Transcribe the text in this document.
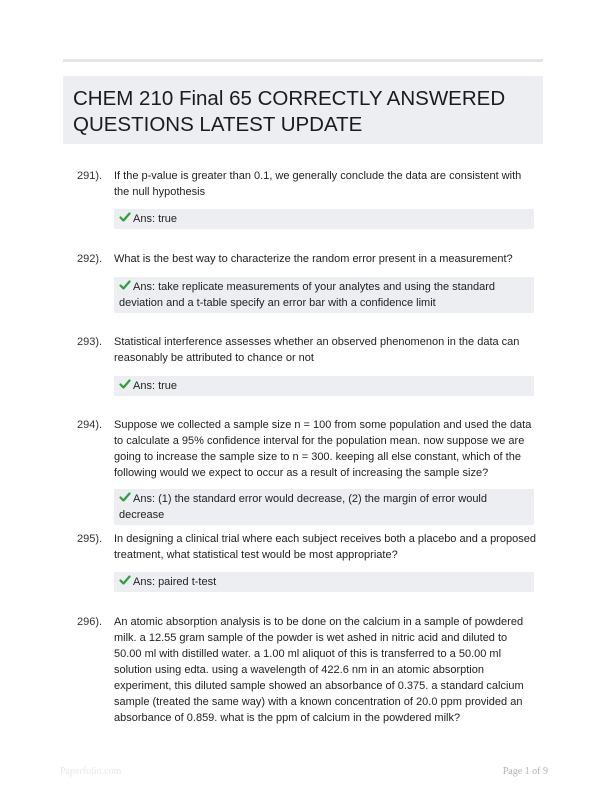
CHEM 210 Final 65 CORRECTLY ANSWERED QUESTIONS LATEST UPDATE
291). If the p-value is greater than 0.1, we generally conclude the data are consistent with the null hypothesis
Ans: true
292). What is the best way to characterize the random error present in a measurement?
Ans: take replicate measurements of your analytes and using the standard deviation and a t-table specify an error bar with a confidence limit
293). Statistical interference assesses whether an observed phenomenon in the data can reasonably be attributed to chance or not
Ans: true
294). Suppose we collected a sample size n = 100 from some population and used the data to calculate a 95% confidence interval for the population mean. now suppose we are going to increase the sample size to n = 300. keeping all else constant, which of the following would we expect to occur as a result of increasing the sample size?
Ans: (1) the standard error would decrease, (2) the margin of error would decrease
295). In designing a clinical trial where each subject receives both a placebo and a proposed treatment, what statistical test would be most appropriate?
Ans: paired t-test
296). An atomic absorption analysis is to be done on the calcium in a sample of powdered milk. a 12.55 gram sample of the powder is wet ashed in nitric acid and diluted to 50.00 ml with distilled water. a 1.00 ml aliquot of this is transferred to a 50.00 ml solution using edta. using a wavelength of 422.6 nm in an atomic absorption experiment, this diluted sample showed an absorbance of 0.375. a standard calcium sample (treated the same way) with a known concentration of 20.0 ppm provided an absorbance of 0.859. what is the ppm of calcium in the powdered milk?
Paperfolio.com	Page 1 of 9
